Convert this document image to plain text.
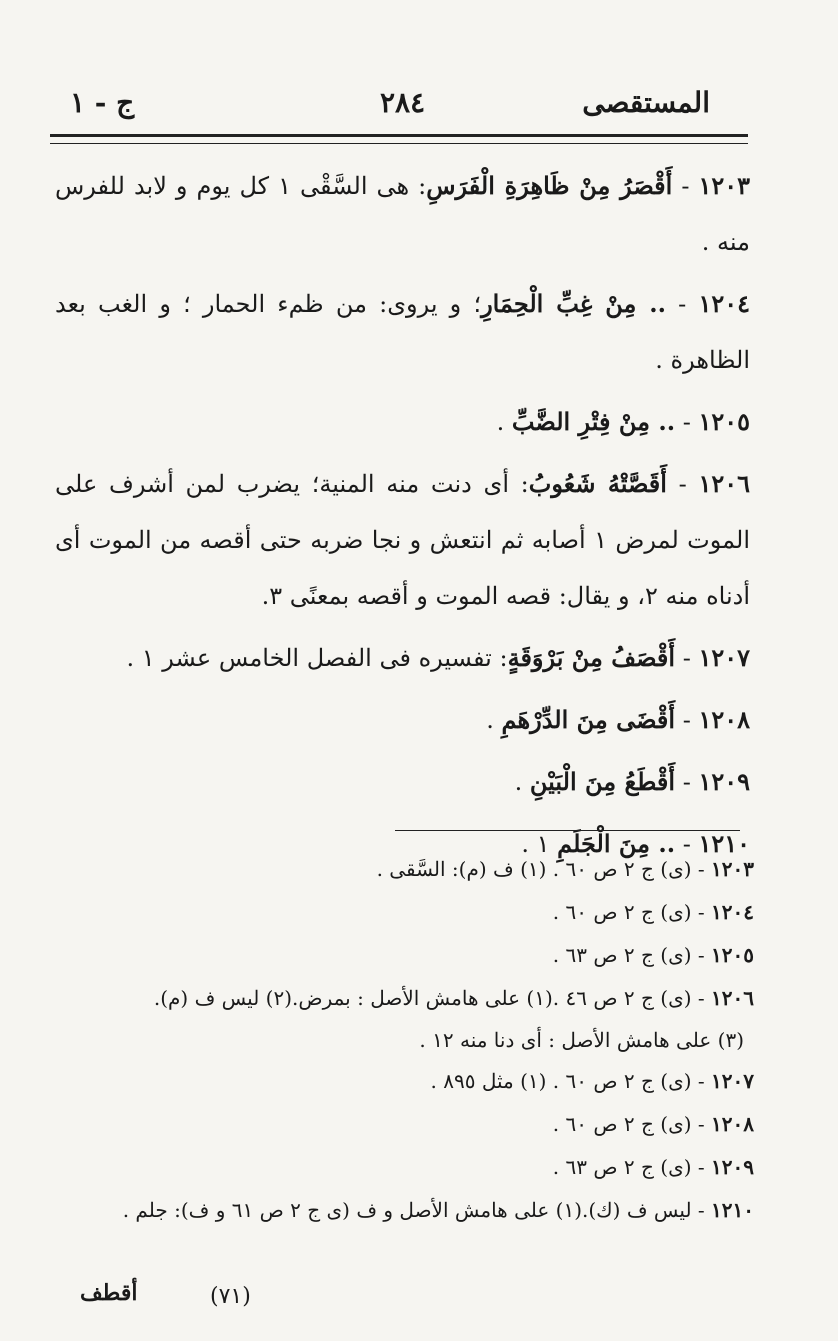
المستقصى
٢٨٤
ج - ١
١٢٠٣ - أَقْصَرُ مِنْ ظَاهِرَةِ الْفَرَسِ: هى السَّقْى ١ كل يوم و لابد للفرس منه .
١٢٠٤ - .. مِنْ غِبِّ الْحِمَارِ؛ و يروى: من ظمء الحمار ؛ و الغب بعد الظاهرة .
١٢٠٥ - .. مِنْ فِتْرِ الضَّبِّ .
١٢٠٦ - أَقَصَّتْهُ شَعُوبُ: أى دنت منه المنية؛ يضرب لمن أشرف على الموت لمرض ١ أصابه ثم انتعش و نجا ضربه حتى أقصه من الموت أى أدناه منه ٢، و يقال: قصه الموت و أقصه بمعنًى ٣.
١٢٠٧ - أَقْصَفُ مِنْ بَرْوَقَةٍ: تفسيره فى الفصل الخامس عشر ١ .
١٢٠٨ - أَقْضَى مِنَ الدِّرْهَمِ .
١٢٠٩ - أَقْطَعُ مِنَ الْبَيْنِ .
١٢١٠ - .. مِنَ الْجَلَمِ ١ .
١٢٠٣ - (ى) ج ٢ ص ٦٠ . (١) ف (م): السَّقى .
١٢٠٤ - (ى) ج ٢ ص ٦٠ .
١٢٠٥ - (ى) ج ٢ ص ٦٣ .
١٢٠٦ - (ى) ج ٢ ص ٤٦ .(١) على هامش الأصل : بمرض.(٢) ليس ف (م).
(٣) على هامش الأصل : أى دنا منه ١٢ .
١٢٠٧ - (ى) ج ٢ ص ٦٠ . (١) مثل ٨٩٥ .
١٢٠٨ - (ى) ج ٢ ص ٦٠ .
١٢٠٩ - (ى) ج ٢ ص ٦٣ .
١٢١٠ - ليس ف (ك).(١) على هامش الأصل و ف (ى ج ٢ ص ٦١ و ف): جلم .
أقطف	(٧١)
